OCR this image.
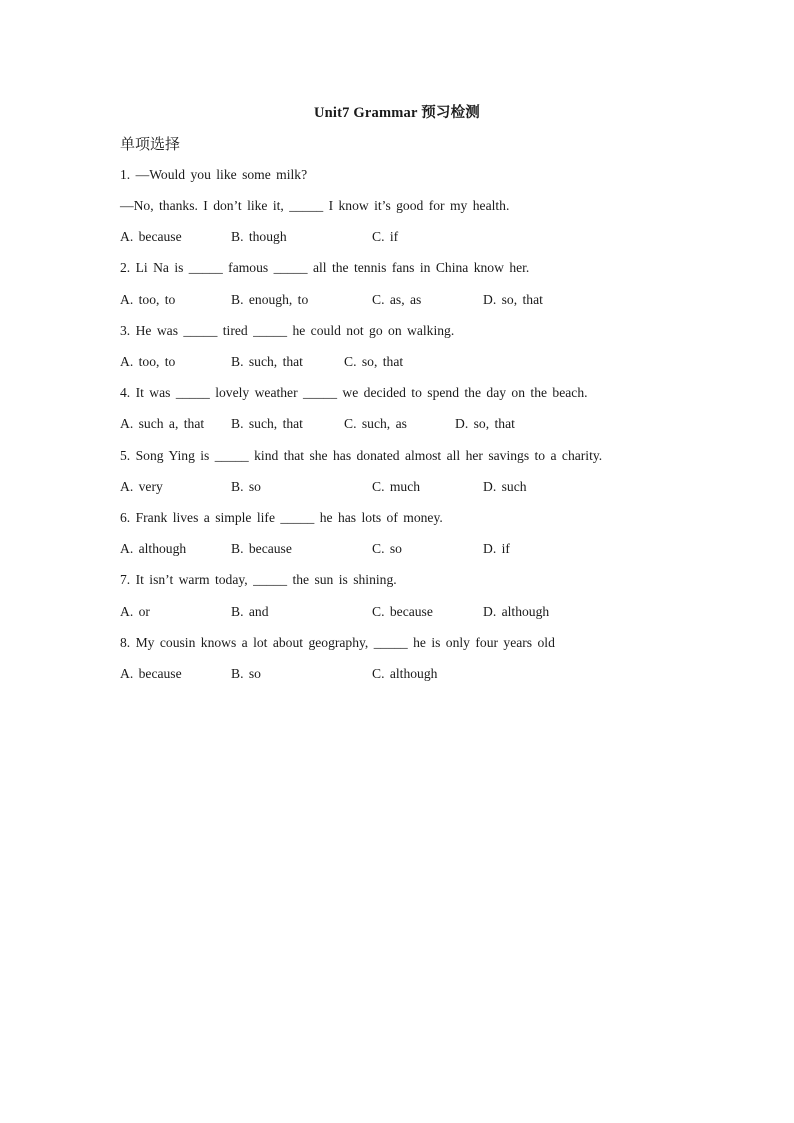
Unit7 Grammar 预习检测
单项选择
1. —Would you like some milk?
—No, thanks. I don’t like it, _____ I know it’s good for my health.
A. because	B. though	C. if
2. Li Na is _____ famous _____ all the tennis fans in China know her.
A. too, to	B. enough, to	C. as, as	D. so, that
3. He was _____ tired _____ he could not go on walking.
A. too, to	B. such, that	C. so, that
4. It was _____ lovely weather _____ we decided to spend the day on the beach.
A. such a, that B. such, that	C. such, as	D. so, that
5. Song Ying is _____ kind that she has donated almost all her savings to a charity.
A. very	B. so	C. much	D. such
6. Frank lives a simple life _____ he has lots of money.
A. although	B. because	C. so	D. if
7. It isn’t warm today, _____ the sun is shining.
A. or	B. and	C. because	D. although
8. My cousin knows a lot about geography, _____ he is only four years old
A. because	B. so	C. although
